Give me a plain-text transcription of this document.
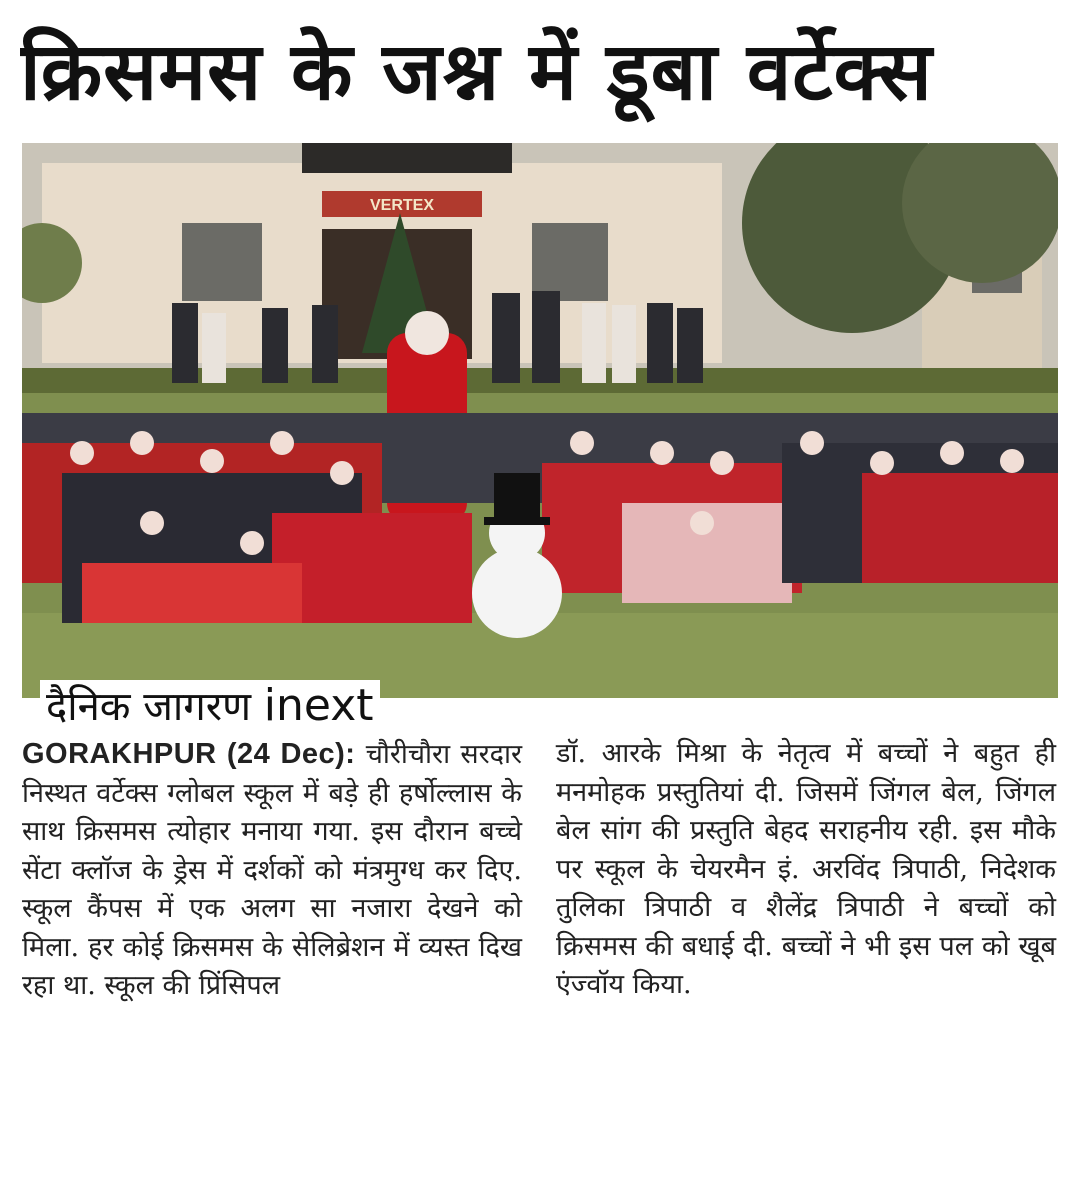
क्रिसमस के जश्न में डूबा वर्टेक्स
VERTEX
दैनिक जागरण inext
GORAKHPUR (24 Dec): चौरीचौरा सरदार निस्थत वर्टेक्स ग्लोबल स्कूल में बड़े ही हर्षोल्लास के साथ क्रिसमस त्योहार मनाया गया. इस दौरान बच्चे सेंटा क्लॉज के ड्रेस में दर्शकों को मंत्रमुग्ध कर दिए. स्कूल कैंपस में एक अलग सा नजारा देखने को मिला. हर कोई क्रिसमस के सेलिब्रेशन में व्यस्त दिख रहा था. स्कूल की प्रिंसिपल
डॉ. आरके मिश्रा के नेतृत्व में बच्चों ने बहुत ही मनमोहक प्रस्तुतियां दी. जिसमें जिंगल बेल, जिंगल बेल सांग की प्रस्तुति बेहद सराहनीय रही. इस मौके पर स्कूल के चेयरमैन इं. अरविंद त्रिपाठी, निदेशक तुलिका त्रिपाठी व शैलेंद्र त्रिपाठी ने बच्चों को क्रिसमस की बधाई दी. बच्चों ने भी इस पल को खूब एंज्वॉय किया.
